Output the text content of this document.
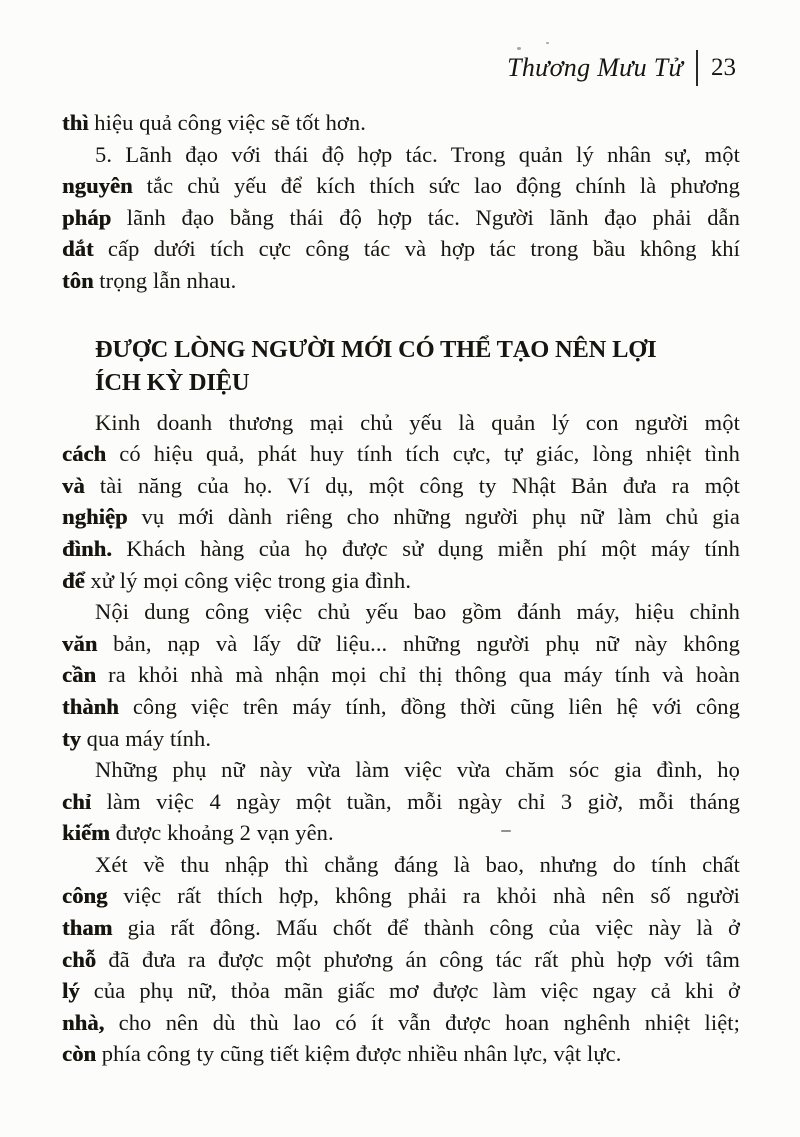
Thương Mưu Tử 23
thì hiệu quả công việc sẽ tốt hơn.
5. Lãnh đạo với thái độ hợp tác. Trong quản lý nhân sự, một
nguyên tắc chủ yếu để kích thích sức lao động chính là phương
pháp lãnh đạo bằng thái độ hợp tác. Người lãnh đạo phải dẫn
dắt cấp dưới tích cực công tác và hợp tác trong bầu không khí
tôn trọng lẫn nhau.
ĐƯỢC LÒNG NGƯỜI MỚI CÓ THỂ TẠO NÊN LỢI
ÍCH KỲ DIỆU
Kinh doanh thương mại chủ yếu là quản lý con người một
cách có hiệu quả, phát huy tính tích cực, tự giác, lòng nhiệt tình
và tài năng của họ. Ví dụ, một công ty Nhật Bản đưa ra một
nghiệp vụ mới dành riêng cho những người phụ nữ làm chủ gia
đình. Khách hàng của họ được sử dụng miễn phí một máy tính
để xử lý mọi công việc trong gia đình.
Nội dung công việc chủ yếu bao gồm đánh máy, hiệu chỉnh
văn bản, nạp và lấy dữ liệu... những người phụ nữ này không
cần ra khỏi nhà mà nhận mọi chỉ thị thông qua máy tính và hoàn
thành công việc trên máy tính, đồng thời cũng liên hệ với công
ty qua máy tính.
Những phụ nữ này vừa làm việc vừa chăm sóc gia đình, họ
chỉ làm việc 4 ngày một tuần, mỗi ngày chỉ 3 giờ, mỗi tháng
kiếm được khoảng 2 vạn yên.
Xét về thu nhập thì chẳng đáng là bao, nhưng do tính chất
công việc rất thích hợp, không phải ra khỏi nhà nên số người
tham gia rất đông. Mấu chốt để thành công của việc này là ở
chỗ đã đưa ra được một phương án công tác rất phù hợp với tâm
lý của phụ nữ, thỏa mãn giấc mơ được làm việc ngay cả khi ở
nhà, cho nên dù thù lao có ít vẫn được hoan nghênh nhiệt liệt;
còn phía công ty cũng tiết kiệm được nhiều nhân lực, vật lực.
